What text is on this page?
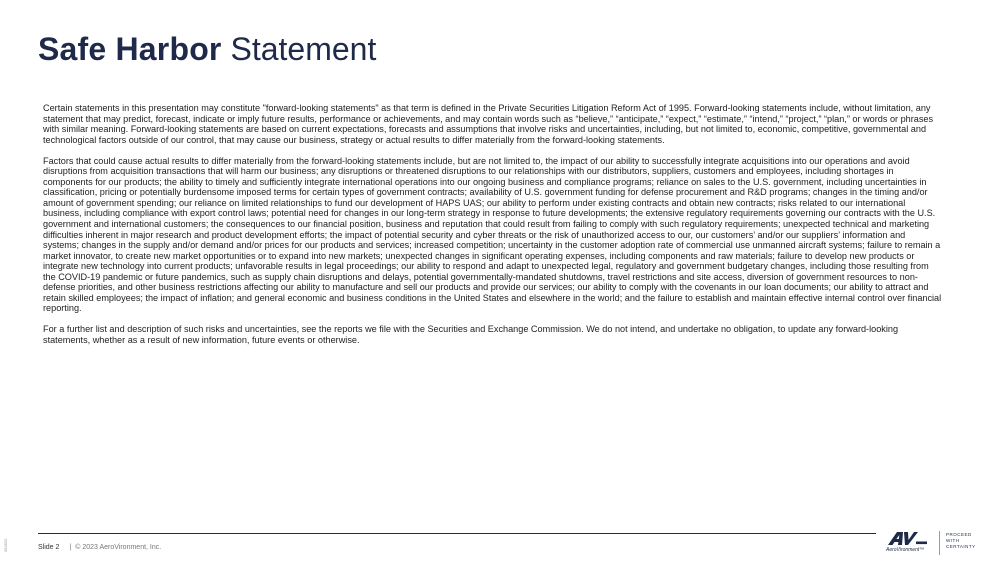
Safe Harbor Statement

Certain statements in this presentation may constitute "forward-looking statements" as that term is defined in the Private Securities Litigation Reform Act of 1995. Forward-looking statements include, without limitation, any statement that may predict, forecast, indicate or imply future results, performance or achievements, and may contain words such as “believe,” “anticipate,” “expect,” “estimate,” “intend,” “project,” “plan,” or words or phrases with similar meaning. Forward-looking statements are based on current expectations, forecasts and assumptions that involve risks and uncertainties, including, but not limited to, economic, competitive, governmental and technological factors outside of our control, that may cause our business, strategy or actual results to differ materially from the forward-looking statements.

Factors that could cause actual results to differ materially from the forward-looking statements include, but are not limited to, the impact of our ability to successfully integrate acquisitions into our operations and avoid disruptions from acquisition transactions that will harm our business; any disruptions or threatened disruptions to our relationships with our distributors, suppliers, customers and employees, including shortages in components for our products; the ability to timely and sufficiently integrate international operations into our ongoing business and compliance programs; reliance on sales to the U.S. government, including uncertainties in classification, pricing or potentially burdensome imposed terms for certain types of government contracts; availability of U.S. government funding for defense procurement and R&D programs; changes in the timing and/or amount of government spending; our reliance on limited relationships to fund our development of HAPS UAS; our ability to perform under existing contracts and obtain new contracts; risks related to our international business, including compliance with export control laws; potential need for changes in our long-term strategy in response to future developments; the extensive regulatory requirements governing our contracts with the U.S. government and international customers; the consequences to our financial position, business and reputation that could result from failing to comply with such regulatory requirements; unexpected technical and marketing difficulties inherent in major research and product development efforts; the impact of potential security and cyber threats or the risk of unauthorized access to our, our customers’ and/or our suppliers’ information and systems; changes in the supply and/or demand and/or prices for our products and services; increased competition; uncertainty in the customer adoption rate of commercial use unmanned aircraft systems; failure to remain a market innovator, to create new market opportunities or to expand into new markets; unexpected changes in significant operating expenses, including components and raw materials; failure to develop new products or integrate new technology into current products; unfavorable results in legal proceedings; our ability to respond and adapt to unexpected legal, regulatory and government budgetary changes, including those resulting from the COVID-19 pandemic or future pandemics, such as supply chain disruptions and delays, potential governmentally-mandated shutdowns, travel restrictions and site access, diversion of government resources to non-defense priorities, and other business restrictions affecting our ability to manufacture and sell our products and provide our services; our ability to comply with the covenants in our loan documents; our ability to attract and retain skilled employees; the impact of inflation; and general economic and business conditions in the United States and elsewhere in the world; and the failure to establish and maintain effective internal control over financial reporting.

For a further list and description of such risks and uncertainties, see the reports we file with the Securities and Exchange Commission. We do not intend, and undertake no obligation, to update any forward-looking statements, whether as a result of new information, future events or otherwise.

082820	Slide 2 | © 2023 AeroVironment, Inc.	AeroVironment™
PROCEED
WITH
CERTAINTY
